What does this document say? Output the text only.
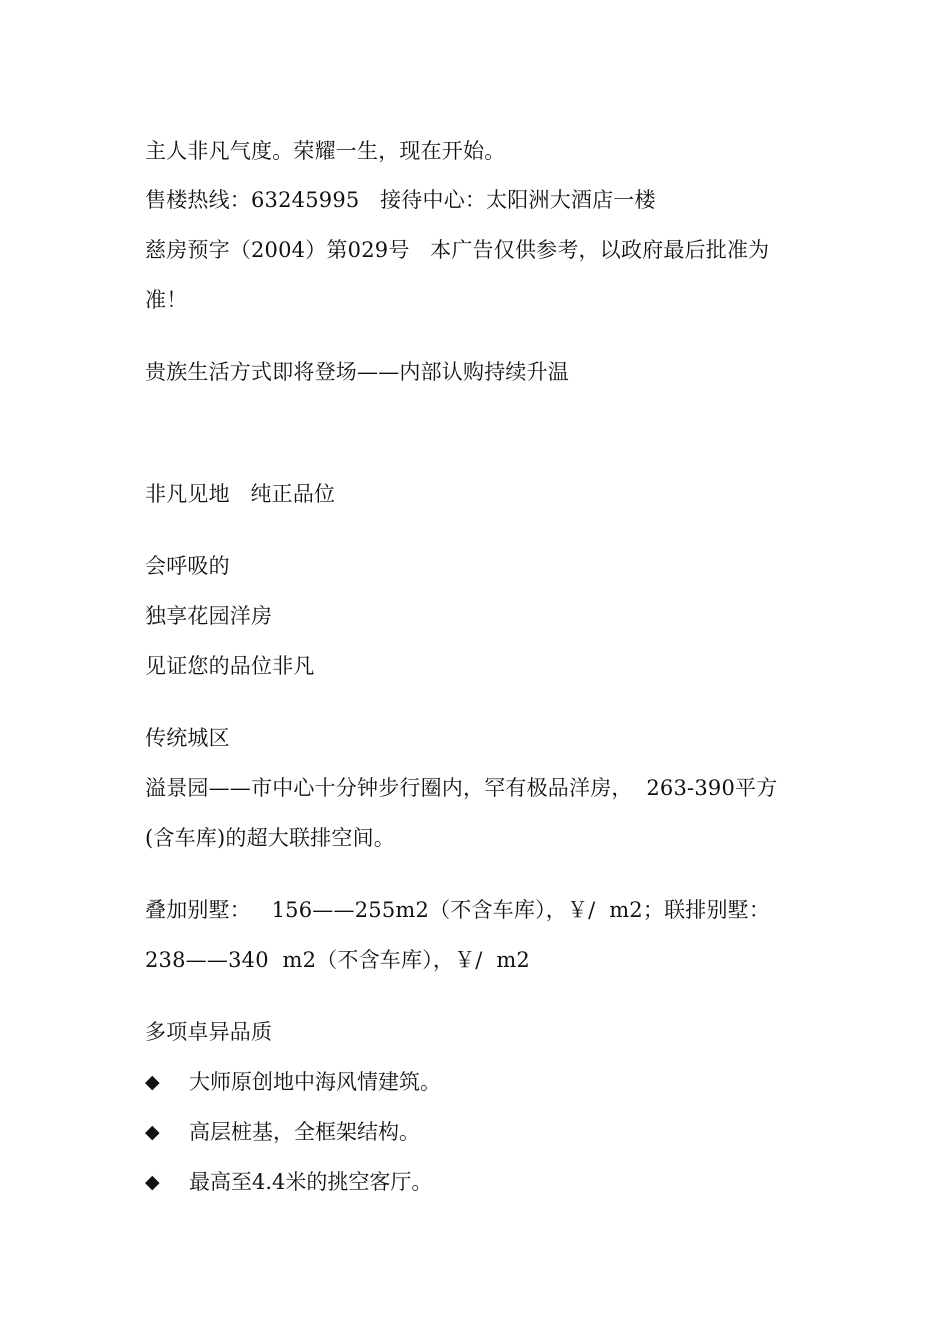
主人非凡气度。荣耀一生，现在开始。
售楼热线：63245995   接待中心：太阳洲大酒店一楼
慈房预字（2004）第029号   本广告仅供参考，以政府最后批准为
准！
贵族生活方式即将登场——内部认购持续升温
非凡见地   纯正品位
会呼吸的
独享花园洋房
见证您的品位非凡
传统城区
溢景园——市中心十分钟步行圈内，罕有极品洋房，  263-390平方
(含车库)的超大联排空间。
叠加别墅：   156——255m2（不含车库），￥/  m2；联排别墅：
238——340  m2（不含车库），￥/  m2
多项卓异品质
◆ 大师原创地中海风情建筑。
◆ 高层桩基，全框架结构。
◆ 最高至4.4米的挑空客厅。
